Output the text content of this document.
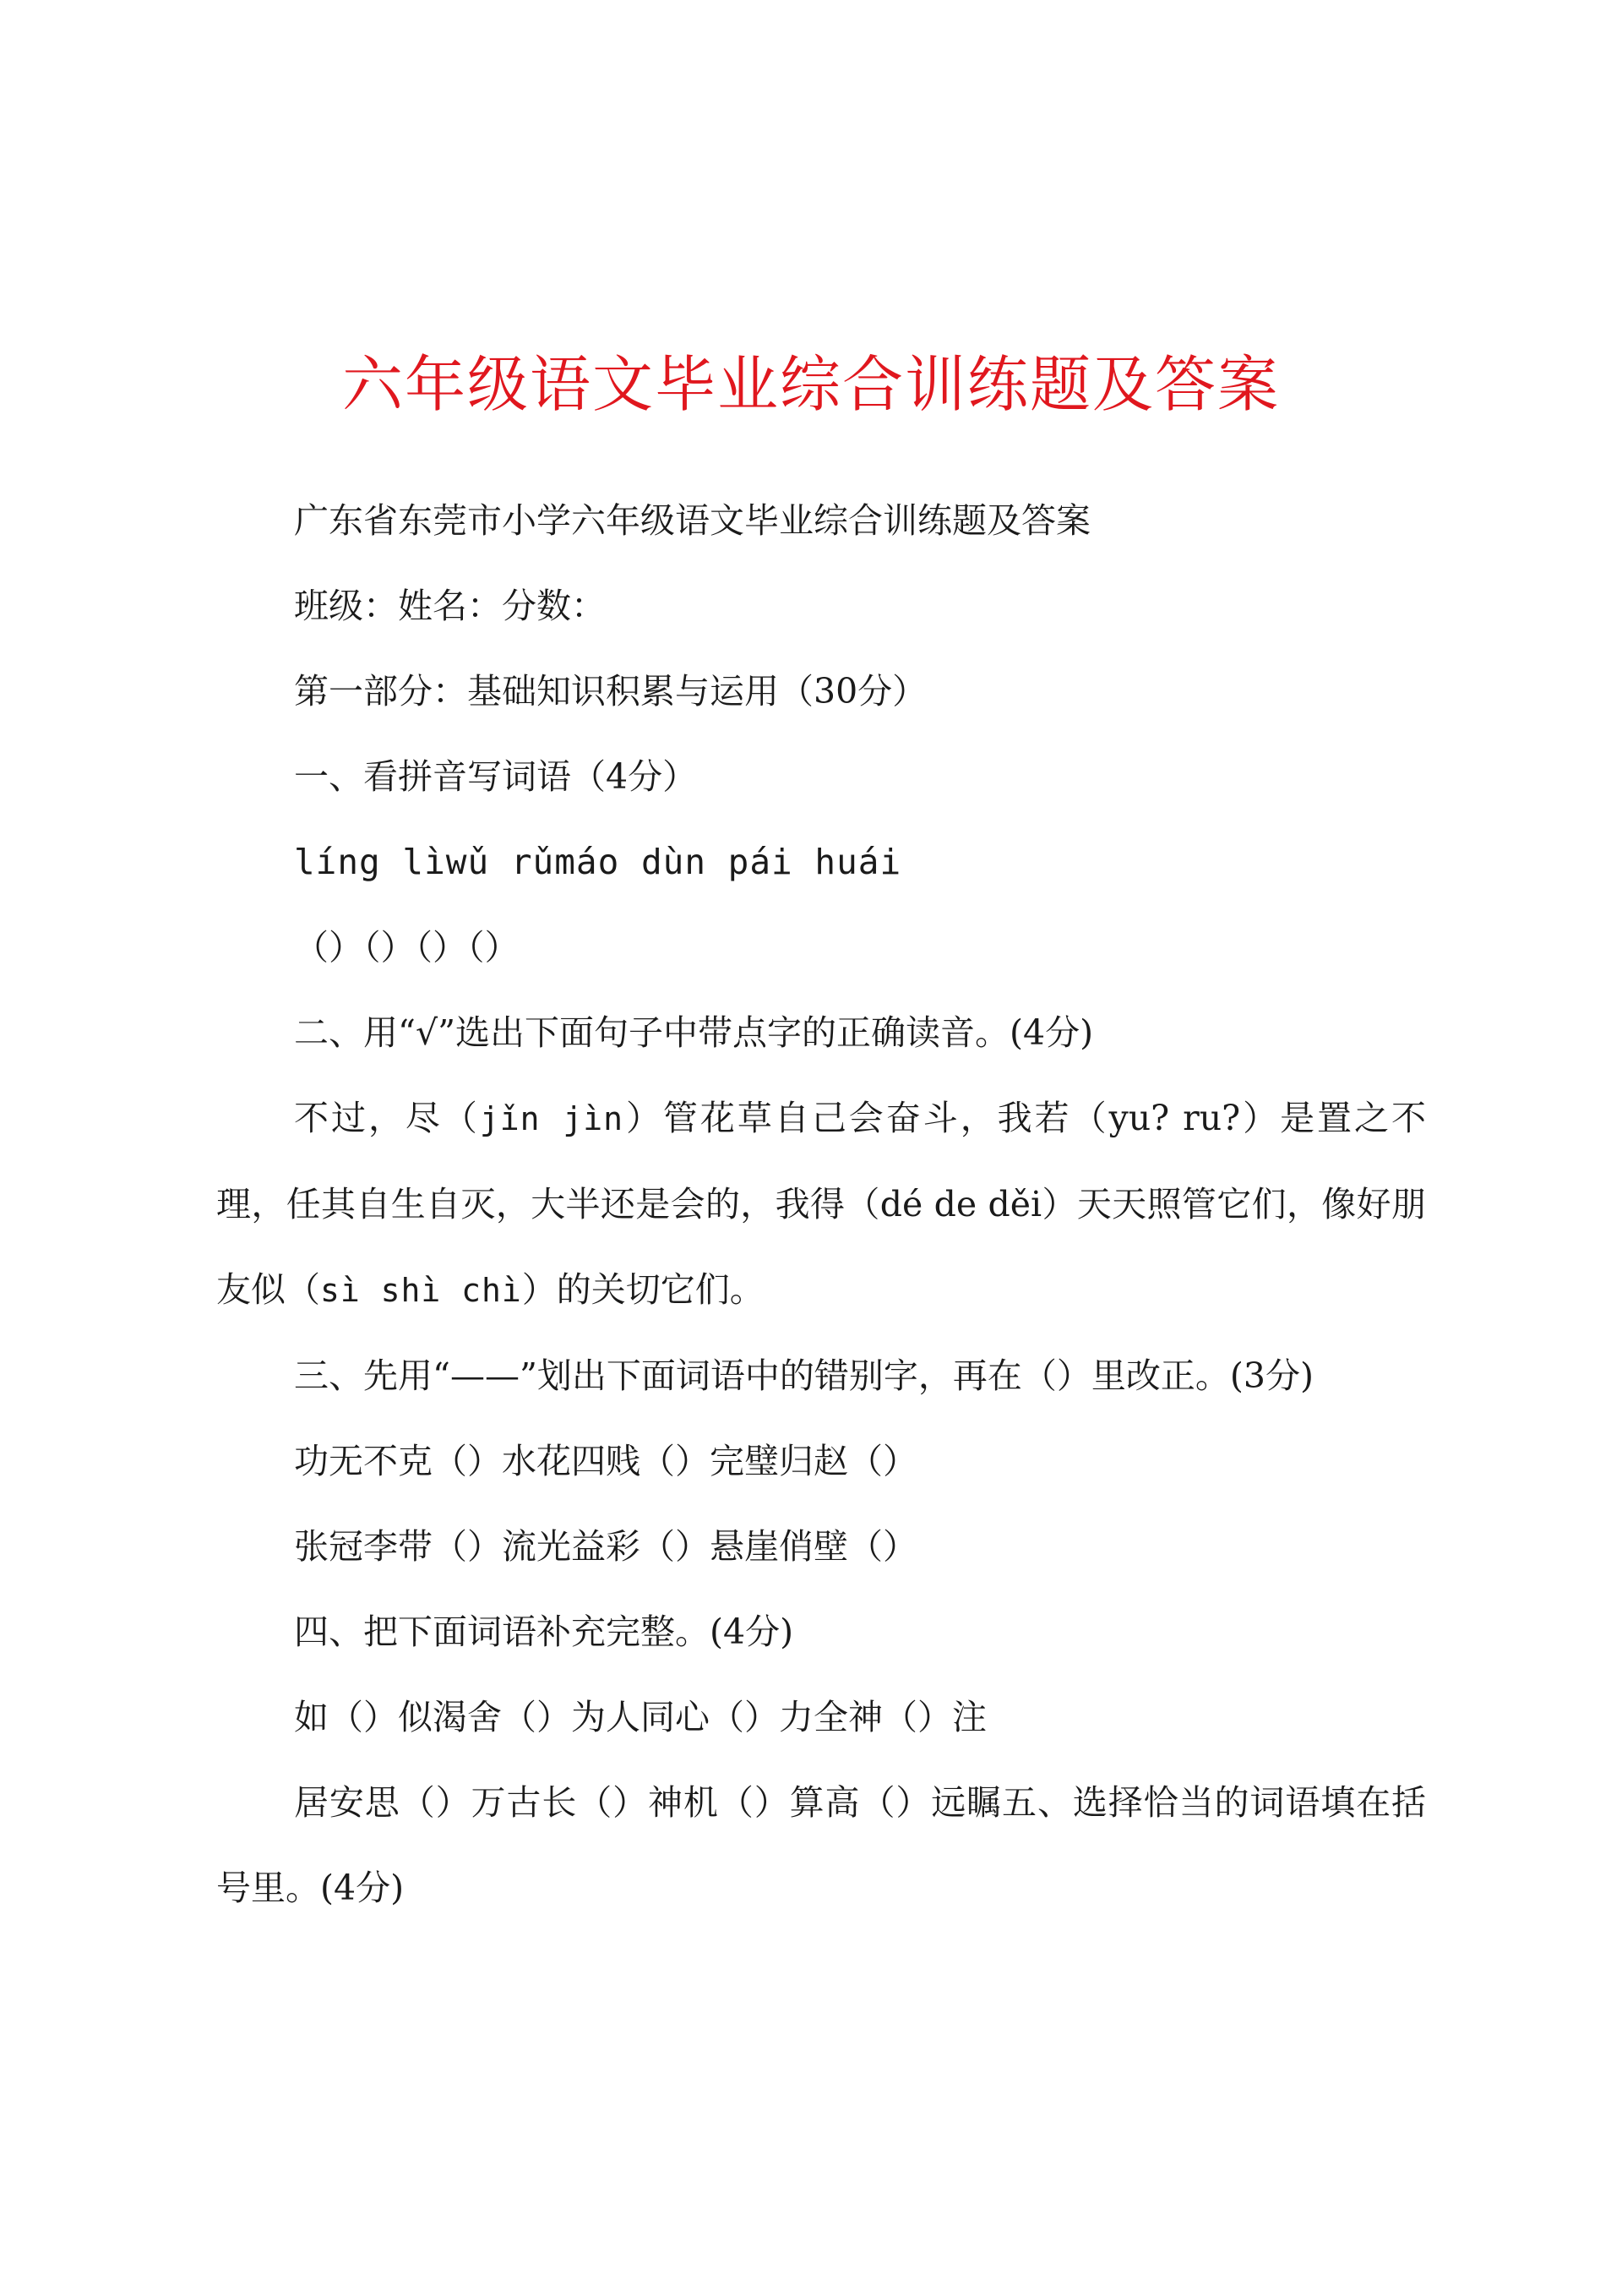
六年级语文毕业综合训练题及答案
广东省东莞市小学六年级语文毕业综合训练题及答案
班级：姓名：分数：
第一部分：基础知识积累与运用（30分）
一、看拼音写词语（4分）
líng lìwǔ rǔmáo dùn pái huái
（）（）（）（）
二、用“√”选出下面句子中带点字的正确读音。(4分)
不过，尽（jǐn jìn）管花草自己会奋斗，我若（yu? ru?）是置之不理，任其自生自灭，大半还是会的，我得（dé de děi）天天照管它们，像好朋友似（sì shì chì）的关切它们。
三、先用“——”划出下面词语中的错别字，再在（）里改正。(3分)
功无不克（）水花四贱（）完璧归赵（）
张冠李带（）流光益彩（）悬崖俏壁（）
四、把下面词语补充完整。(4分)
如（）似渴舍（）为人同心（）力全神（）注
居安思（）万古长（）神机（）算高（）远瞩五、选择恰当的词语填在括号里。(4分)
